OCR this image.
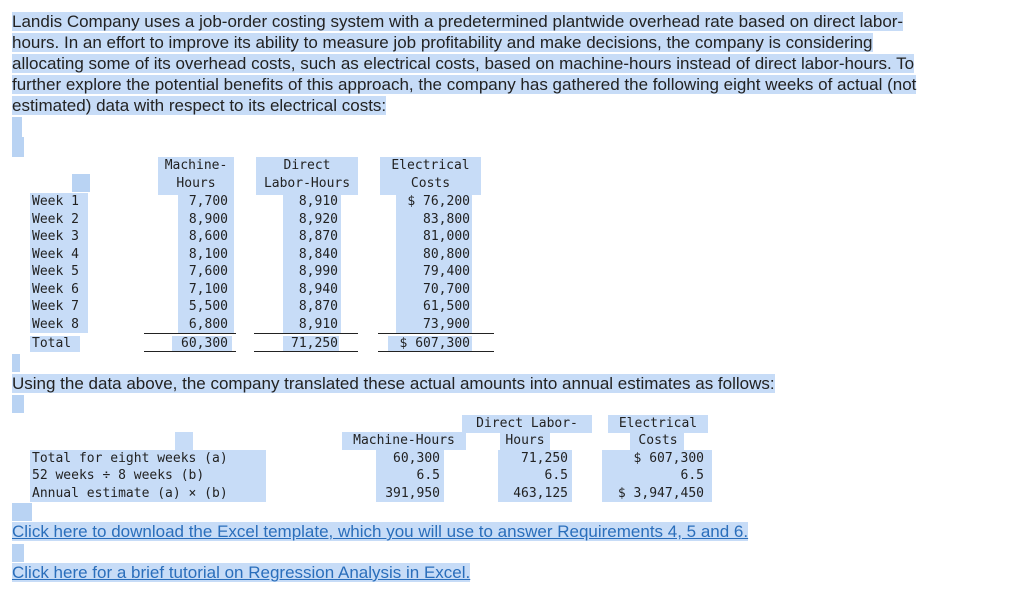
Landis Company uses a job-order costing system with a predetermined plantwide overhead rate based on direct labor-
hours. In an effort to improve its ability to measure job profitability and make decisions, the company is considering
allocating some of its overhead costs, such as electrical costs, based on machine-hours instead of direct labor-hours. To
further explore the potential benefits of this approach, the company has gathered the following eight weeks of actual (not
estimated) data with respect to its electrical costs:
Machine-
Hours
Direct
Labor-Hours
Electrical
Costs
Week 1	7,700	8,910	$ 76,200
Week 2	8,900	8,920	83,800
Week 3	8,600	8,870	81,000
Week 4	8,100	8,840	80,800
Week 5	7,600	8,990	79,400
Week 6	7,100	8,940	70,700
Week 7	5,500	8,870	61,500
Week 8	6,800	8,910	73,900
Total	60,300	71,250	$ 607,300
Using the data above, the company translated these actual amounts into annual estimates as follows:
Machine-Hours
Direct Labor-
Hours
Electrical
Costs
Total for eight weeks (a)	60,300	71,250	$ 607,300
52 weeks ÷ 8 weeks (b)	6.5	6.5	6.5
Annual estimate (a) × (b)	391,950	463,125	$ 3,947,450
Click here to download the Excel template, which you will use to answer Requirements 4, 5 and 6.
Click here for a brief tutorial on Regression Analysis in Excel.
